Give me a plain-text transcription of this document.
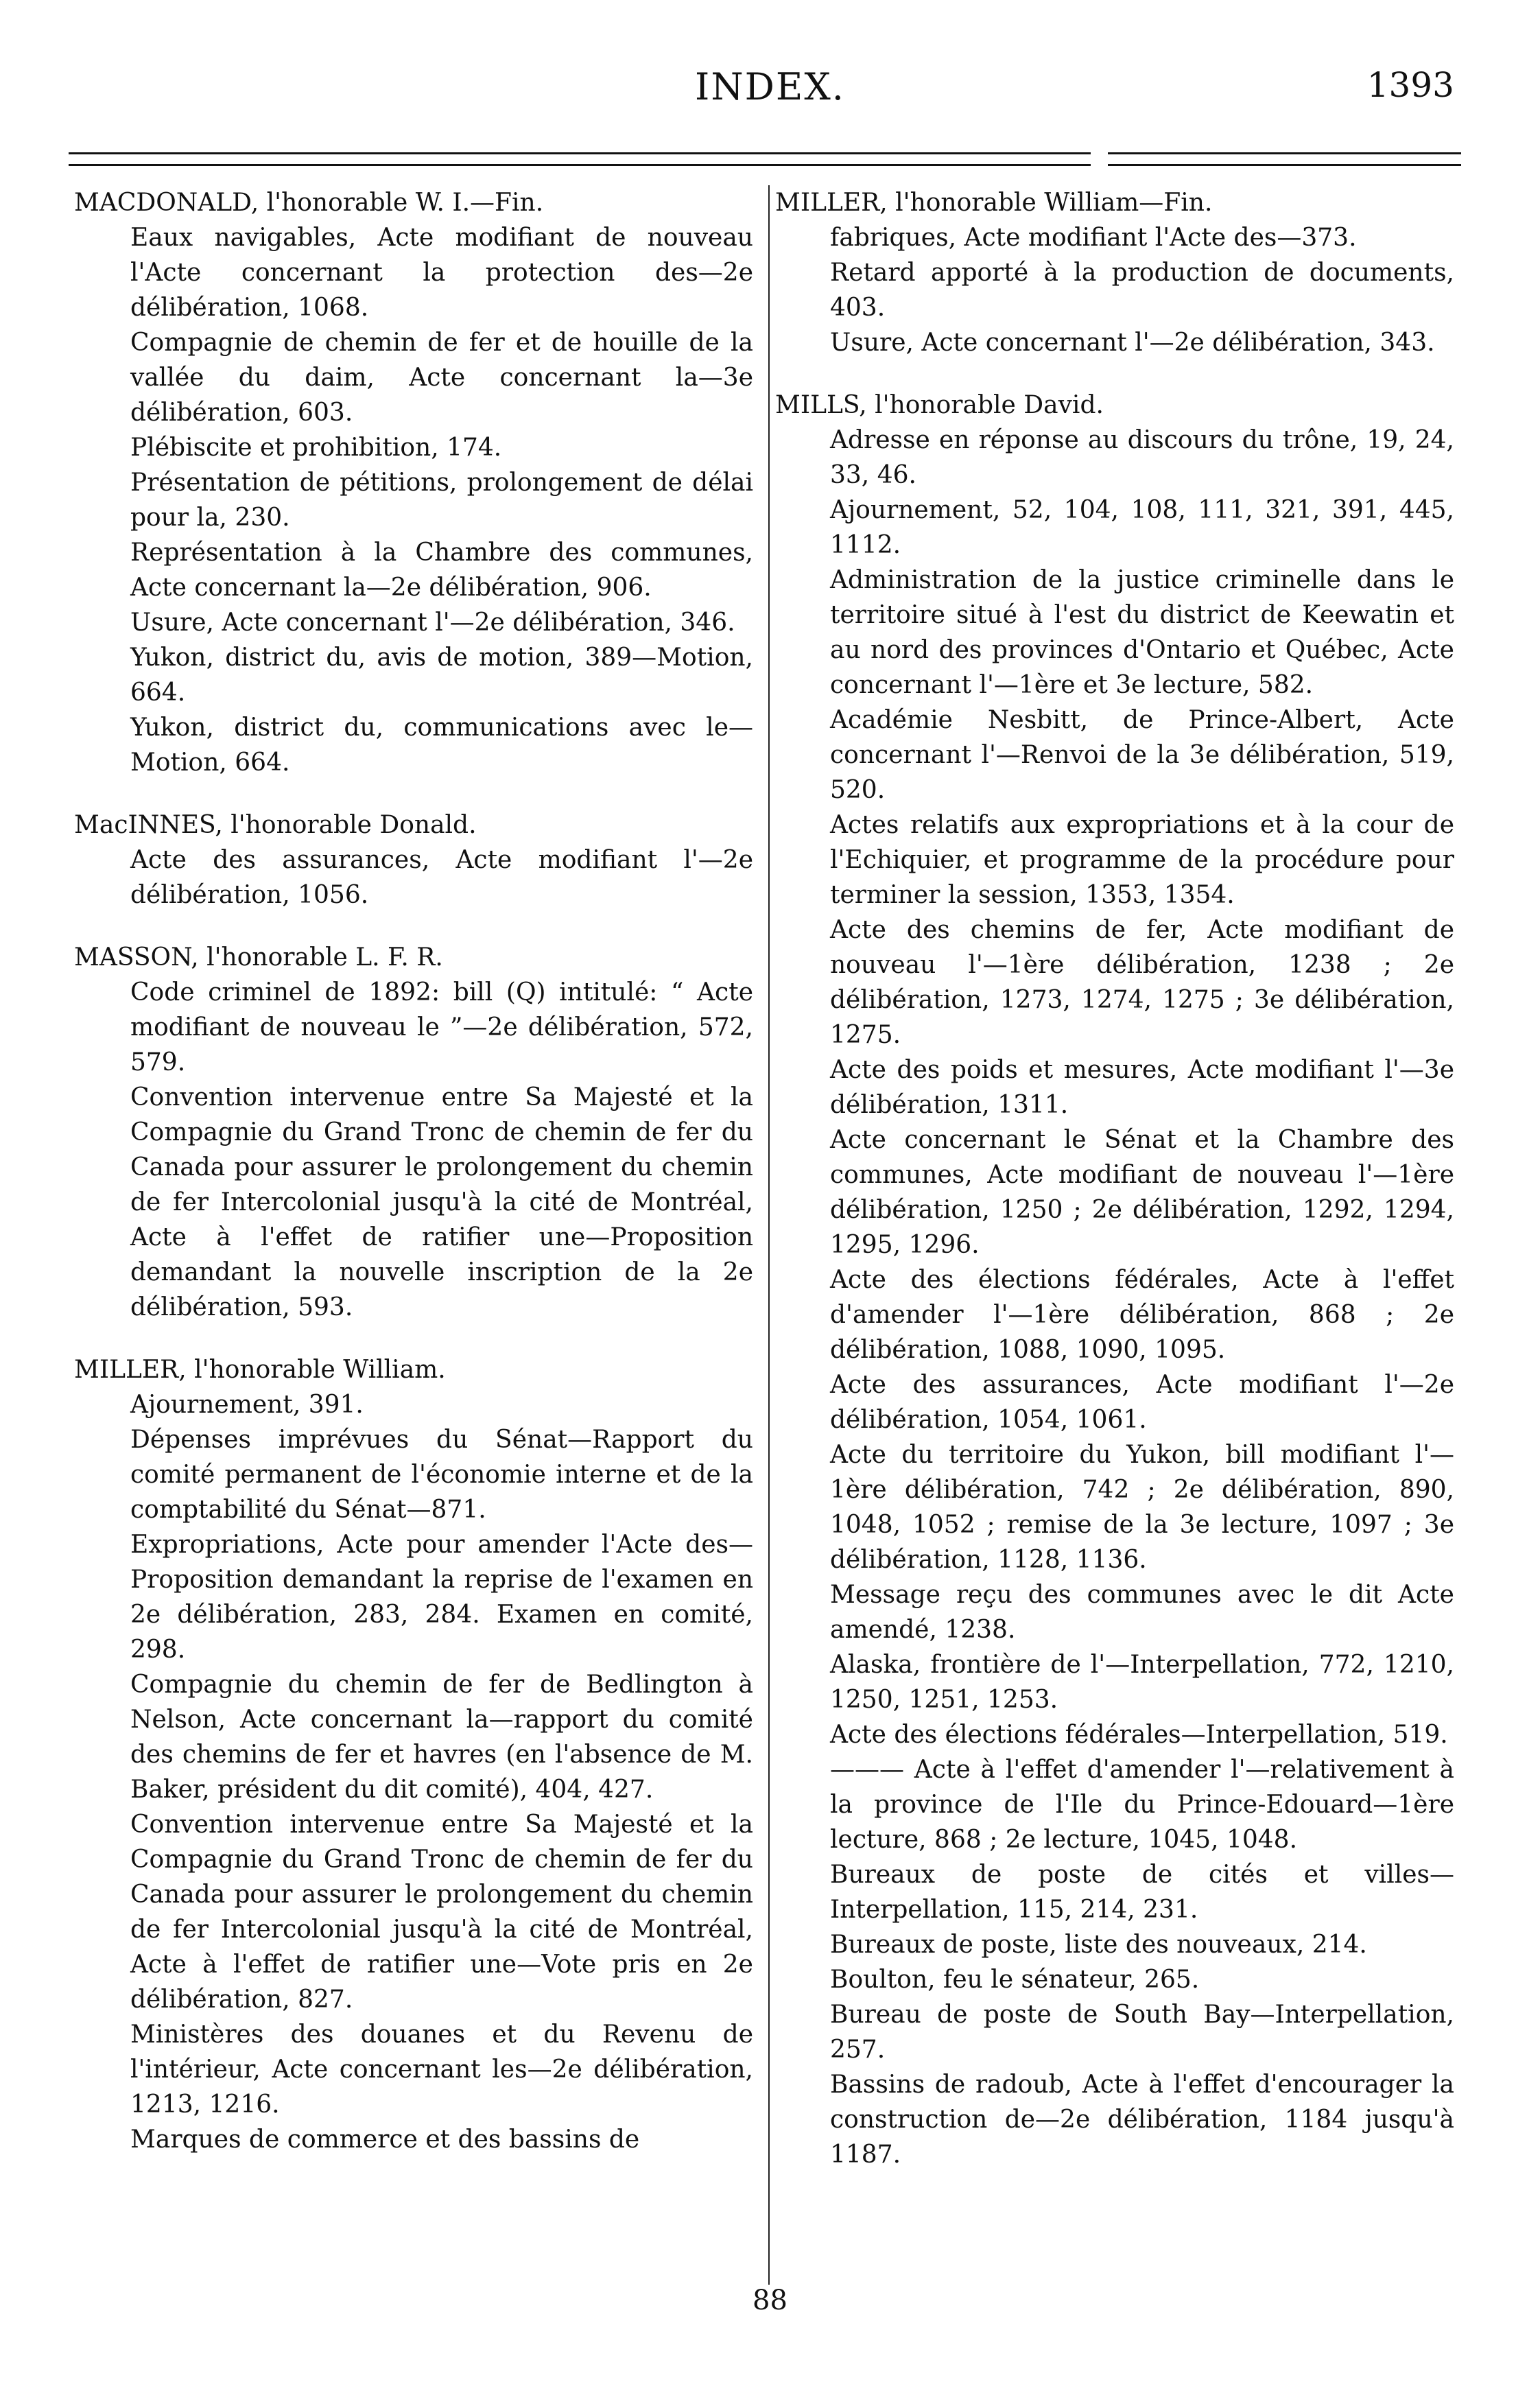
INDEX.	1393

MACDONALD, l'honorable W. I.—Fin.

Eaux navigables, Acte modifiant de nouveau l'Acte concernant la protection des—2e délibération, 1068.

Compagnie de chemin de fer et de houille de la vallée du daim, Acte concernant la—3e délibération, 603.

Plébiscite et prohibition, 174.

Présentation de pétitions, prolongement de délai pour la, 230.

Représentation à la Chambre des communes, Acte concernant la—2e délibération, 906.

Usure, Acte concernant l'—2e délibération, 346.

Yukon, district du, avis de motion, 389—Motion, 664.

Yukon, district du, communications avec le—Motion, 664.

MacINNES, l'honorable Donald.

Acte des assurances, Acte modifiant l'—2e délibération, 1056.

MASSON, l'honorable L. F. R.

Code criminel de 1892: bill (Q) intitulé: “ Acte modifiant de nouveau le ”—2e délibération, 572, 579.

Convention intervenue entre Sa Majesté et la Compagnie du Grand Tronc de chemin de fer du Canada pour assurer le prolongement du chemin de fer Intercolonial jusqu'à la cité de Montréal, Acte à l'effet de ratifier une—Proposition demandant la nouvelle inscription de la 2e délibération, 593.

MILLER, l'honorable William.

Ajournement, 391.

Dépenses imprévues du Sénat—Rapport du comité permanent de l'économie interne et de la comptabilité du Sénat—871.

Expropriations, Acte pour amender l'Acte des—Proposition demandant la reprise de l'examen en 2e délibération, 283, 284. Examen en comité, 298.

Compagnie du chemin de fer de Bedlington à Nelson, Acte concernant la—rapport du comité des chemins de fer et havres (en l'absence de M. Baker, président du dit comité), 404, 427.

Convention intervenue entre Sa Majesté et la Compagnie du Grand Tronc de chemin de fer du Canada pour assurer le prolongement du chemin de fer Intercolonial jusqu'à la cité de Montréal, Acte à l'effet de ratifier une—Vote pris en 2e délibération, 827.

Ministères des douanes et du Revenu de l'intérieur, Acte concernant les—2e délibération, 1213, 1216.

Marques de commerce et des bassins de

MILLER, l'honorable William—Fin.

fabriques, Acte modifiant l'Acte des—373.

Retard apporté à la production de documents, 403.

Usure, Acte concernant l'—2e délibération, 343.

MILLS, l'honorable David.

Adresse en réponse au discours du trône, 19, 24, 33, 46.

Ajournement, 52, 104, 108, 111, 321, 391, 445, 1112.

Administration de la justice criminelle dans le territoire situé à l'est du district de Keewatin et au nord des provinces d'Ontario et Québec, Acte concernant l'—1ère et 3e lecture, 582.

Académie Nesbitt, de Prince-Albert, Acte concernant l'—Renvoi de la 3e délibération, 519, 520.

Actes relatifs aux expropriations et à la cour de l'Echiquier, et programme de la procédure pour terminer la session, 1353, 1354.

Acte des chemins de fer, Acte modifiant de nouveau l'—1ère délibération, 1238 ; 2e délibération, 1273, 1274, 1275 ; 3e délibération, 1275.

Acte des poids et mesures, Acte modifiant l'—3e délibération, 1311.

Acte concernant le Sénat et la Chambre des communes, Acte modifiant de nouveau l'—1ère délibération, 1250 ; 2e délibération, 1292, 1294, 1295, 1296.

Acte des élections fédérales, Acte à l'effet d'amender l'—1ère délibération, 868 ; 2e délibération, 1088, 1090, 1095.

Acte des assurances, Acte modifiant l'—2e délibération, 1054, 1061.

Acte du territoire du Yukon, bill modifiant l'—1ère délibération, 742 ; 2e délibération, 890, 1048, 1052 ; remise de la 3e lecture, 1097 ; 3e délibération, 1128, 1136.

Message reçu des communes avec le dit Acte amendé, 1238.

Alaska, frontière de l'—Interpellation, 772, 1210, 1250, 1251, 1253.

Acte des élections fédérales—Interpellation, 519.

——— Acte à l'effet d'amender l'—relativement à la province de l'Ile du Prince-Edouard—1ère lecture, 868 ; 2e lecture, 1045, 1048.

Bureaux de poste de cités et villes—Interpellation, 115, 214, 231.

Bureaux de poste, liste des nouveaux, 214.

Boulton, feu le sénateur, 265.

Bureau de poste de South Bay—Interpellation, 257.

Bassins de radoub, Acte à l'effet d'encourager la construction de—2e délibération, 1184 jusqu'à 1187.

88
